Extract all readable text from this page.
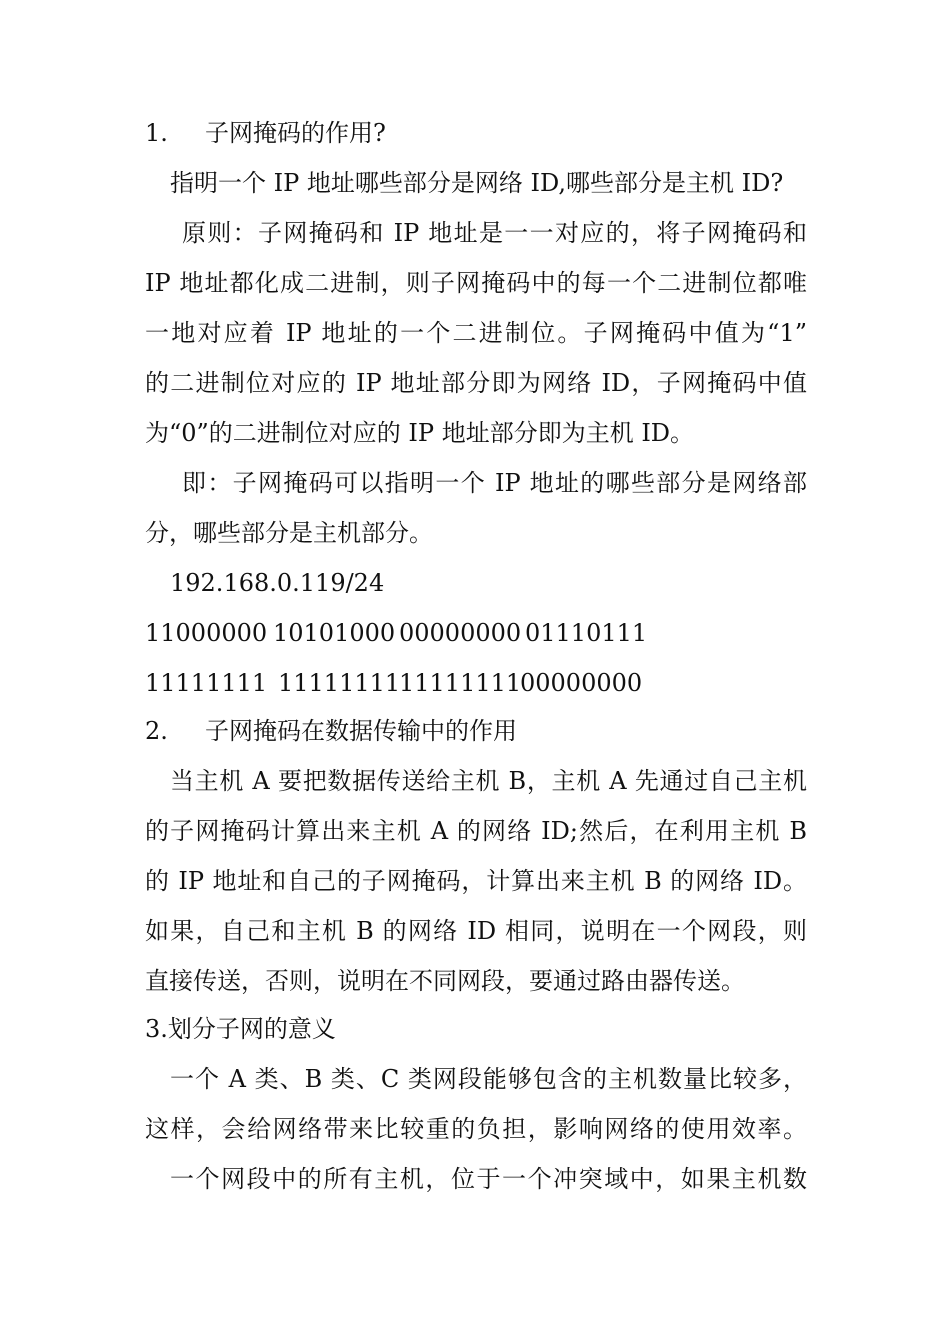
1. 子网掩码的作用?
指明一个 IP 地址哪些部分是网络 ID,哪些部分是主机 ID?
原则：子网掩码和 IP 地址是一一对应的，将子网掩码和
IP 地址都化成二进制，则子网掩码中的每一个二进制位都唯
一地对应着 IP 地址的一个二进制位。子网掩码中值为“1”
的二进制位对应的 IP 地址部分即为网络 ID，子网掩码中值
为“0”的二进制位对应的 IP 地址部分即为主机 ID。
即：子网掩码可以指明一个 IP 地址的哪些部分是网络部
分，哪些部分是主机部分。
192.168.0.119/24
11000000 10101000 00000000 01110111
11111111 111111111111111100000000
2. 子网掩码在数据传输中的作用
当主机 A 要把数据传送给主机 B，主机 A 先通过自己主机
的子网掩码计算出来主机 A 的网络 ID;然后，在利用主机 B
的 IP 地址和自己的子网掩码，计算出来主机 B 的网络 ID。
如果，自己和主机 B 的网络 ID 相同，说明在一个网段，则
直接传送，否则，说明在不同网段，要通过路由器传送。
3.划分子网的意义
一个 A 类、B 类、C 类网段能够包含的主机数量比较多，
这样，会给网络带来比较重的负担，影响网络的使用效率。
一个网段中的所有主机，位于一个冲突域中，如果主机数
